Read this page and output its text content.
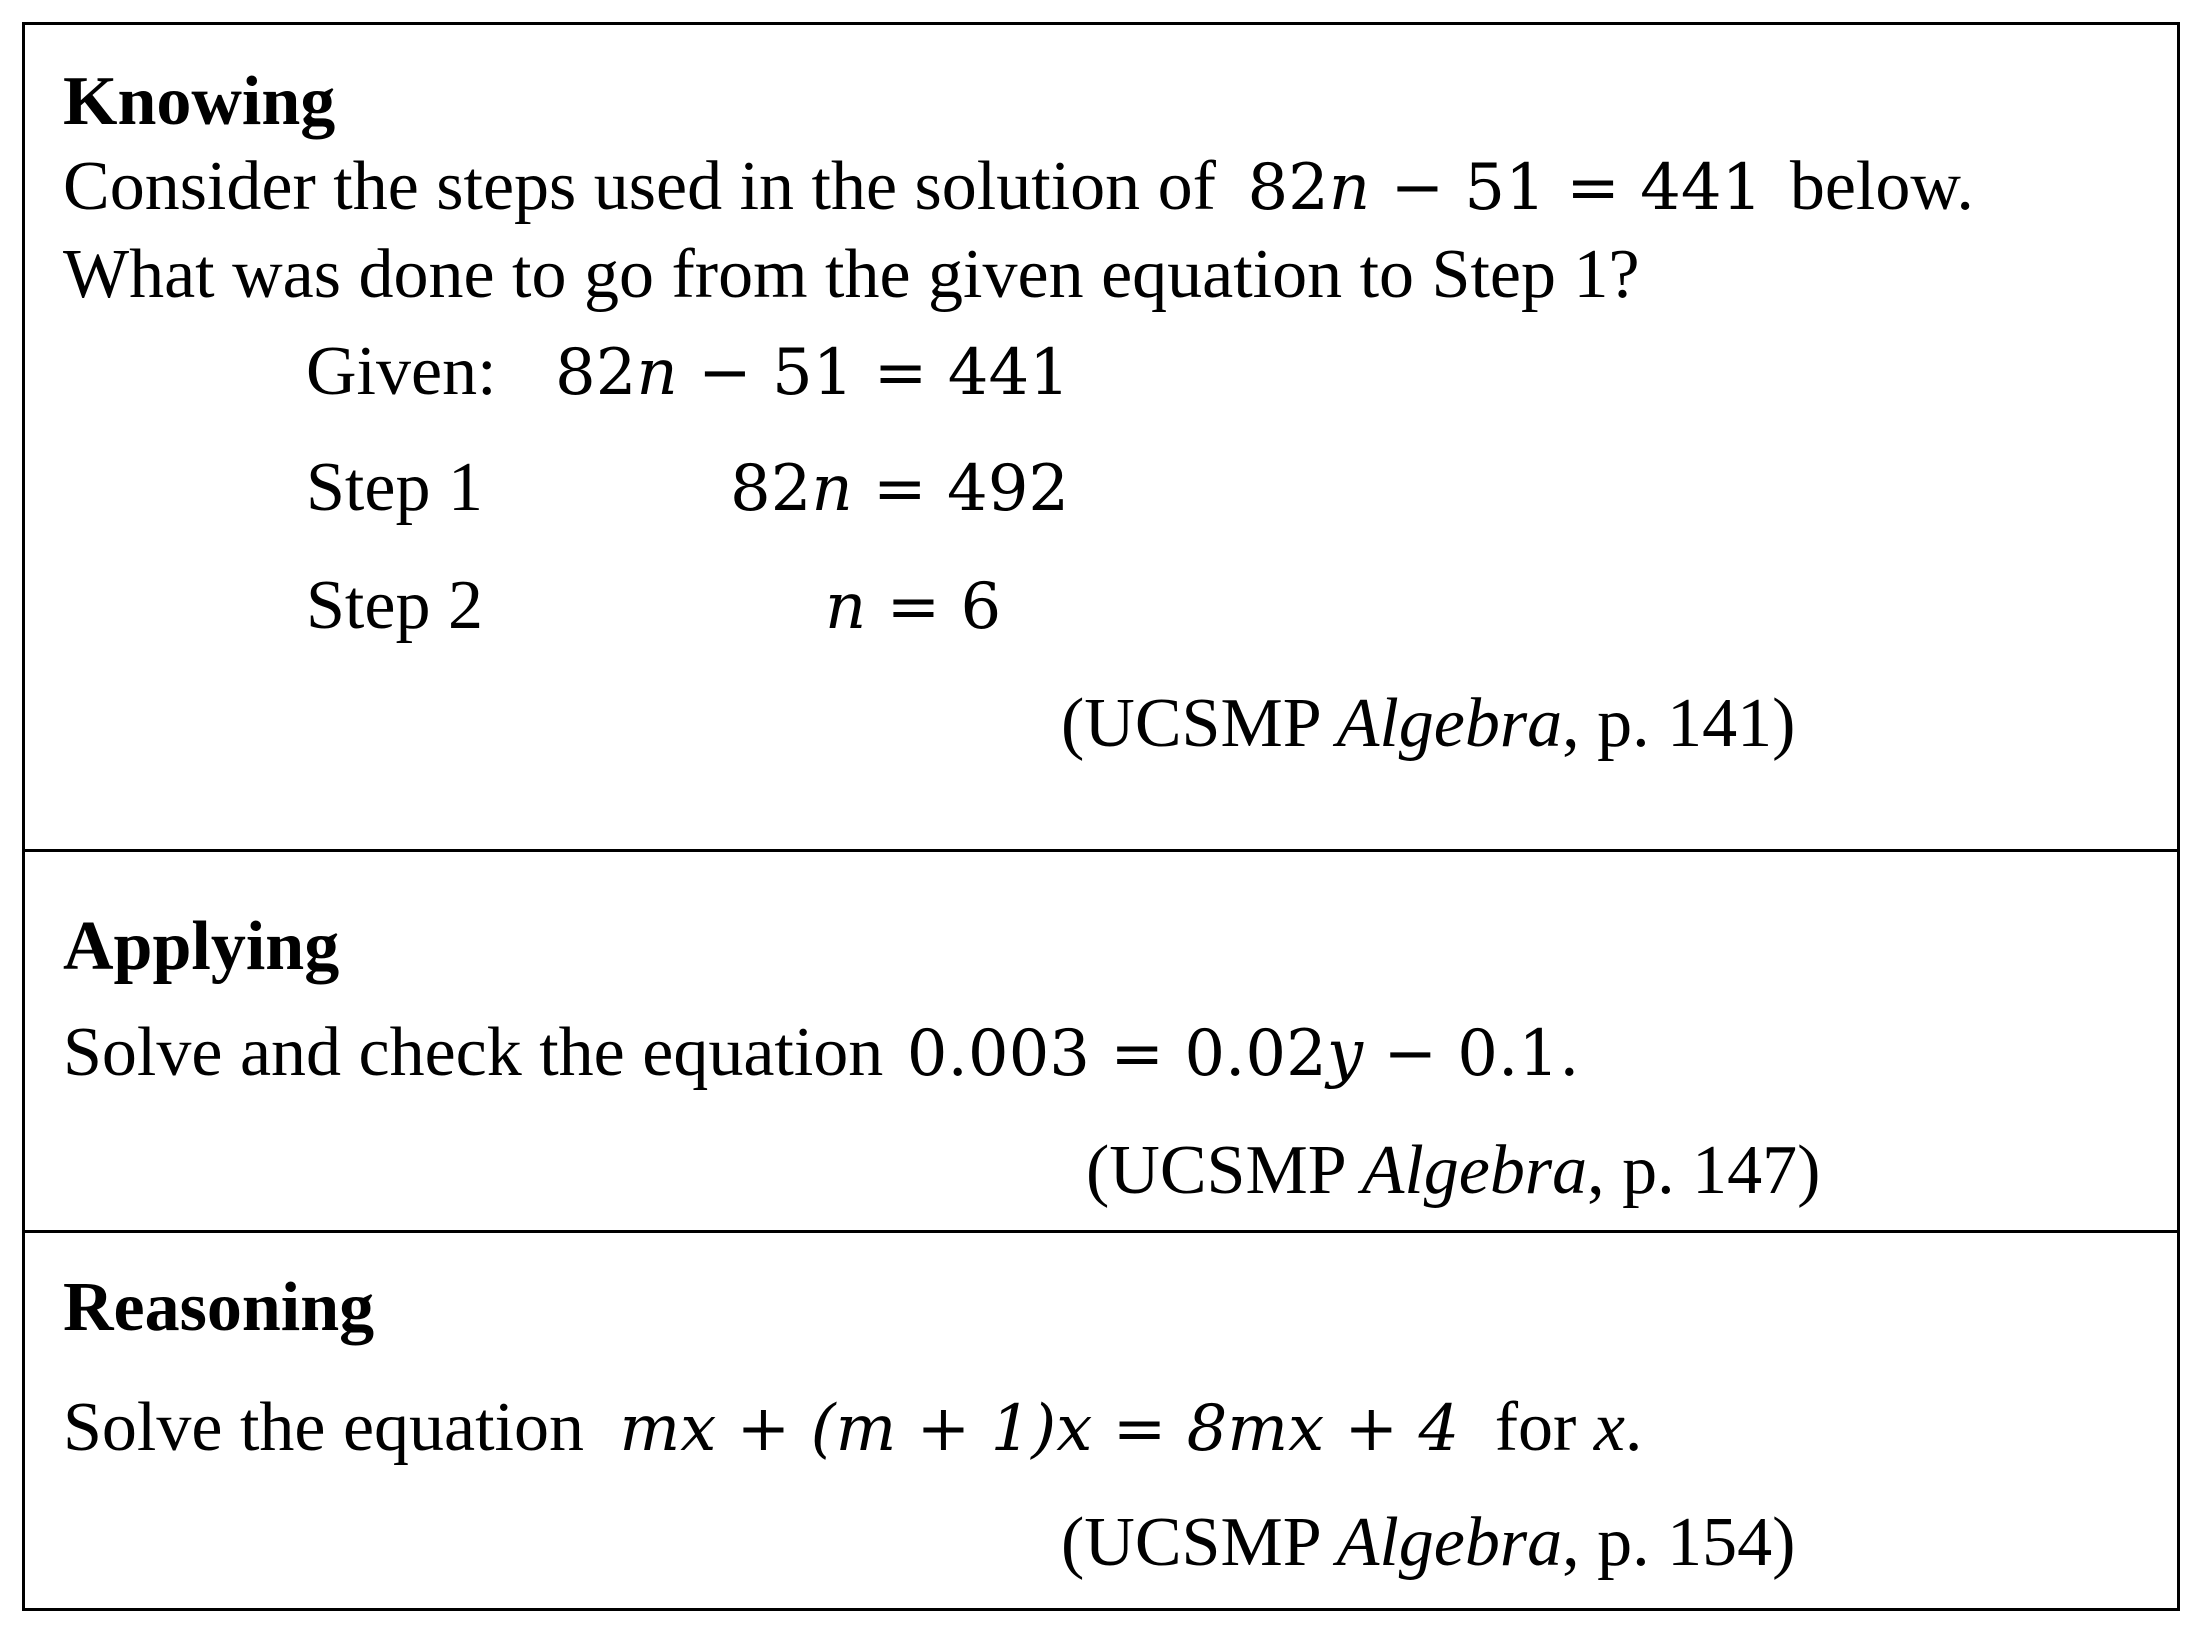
Knowing
Consider the steps used in the solution of 82n − 51 = 441 below.
What was done to go from the given equation to Step 1?
Given: 82n − 51 = 441
Step 1	82n = 492
Step 2	n = 6
(UCSMP Algebra, p. 141)
Applying
Solve and check the equation 0.003 = 0.02y − 0.1.
(UCSMP Algebra, p. 147)
Reasoning
Solve the equation mx + (m + 1)x = 8mx + 4 for x.
(UCSMP Algebra, p. 154)
